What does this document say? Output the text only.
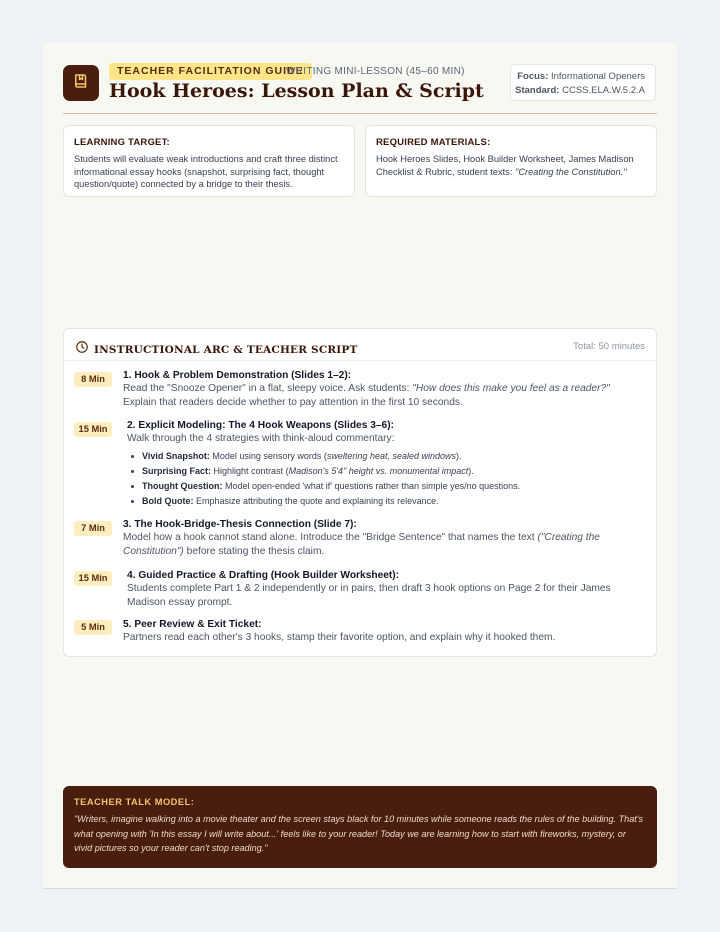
TEACHER FACILITATION GUIDE
WRITING MINI-LESSON (45–60 MIN)
Hook Heroes: Lesson Plan & Script
Focus: Informational Openers
Standard: CCSS.ELA.W.5.2.A
LEARNING TARGET:
Students will evaluate weak introductions and craft three distinct informational essay hooks (snapshot, surprising fact, thought question/quote) connected by a bridge to their thesis.
REQUIRED MATERIALS:
Hook Heroes Slides, Hook Builder Worksheet, James Madison Checklist & Rubric, student texts: "Creating the Constitution."
INSTRUCTIONAL ARC & TEACHER SCRIPT	Total: 50 minutes
8 Min	1. Hook & Problem Demonstration (Slides 1–2):
Read the "Snooze Opener" in a flat, sleepy voice. Ask students: "How does this make you feel as a reader?" Explain that readers decide whether to pay attention in the first 10 seconds.
15 Min	2. Explicit Modeling: The 4 Hook Weapons (Slides 3–6):
Walk through the 4 strategies with think-aloud commentary:
Vivid Snapshot: Model using sensory words (sweltering heat, sealed windows).
Surprising Fact: Highlight contrast (Madison's 5'4" height vs. monumental impact).
Thought Question: Model open-ended 'what if' questions rather than simple yes/no questions.
Bold Quote: Emphasize attributing the quote and explaining its relevance.
7 Min	3. The Hook-Bridge-Thesis Connection (Slide 7):
Model how a hook cannot stand alone. Introduce the "Bridge Sentence" that names the text ("Creating the Constitution") before stating the thesis claim.
15 Min	4. Guided Practice & Drafting (Hook Builder Worksheet):
Students complete Part 1 & 2 independently or in pairs, then draft 3 hook options on Page 2 for their James Madison essay prompt.
5 Min	5. Peer Review & Exit Ticket:
Partners read each other's 3 hooks, stamp their favorite option, and explain why it hooked them.
TEACHER TALK MODEL:
"Writers, imagine walking into a movie theater and the screen stays black for 10 minutes while someone reads the rules of the building. That's what opening with 'In this essay I will write about...' feels like to your reader! Today we are learning how to start with fireworks, mystery, or vivid pictures so your reader can't stop reading."
